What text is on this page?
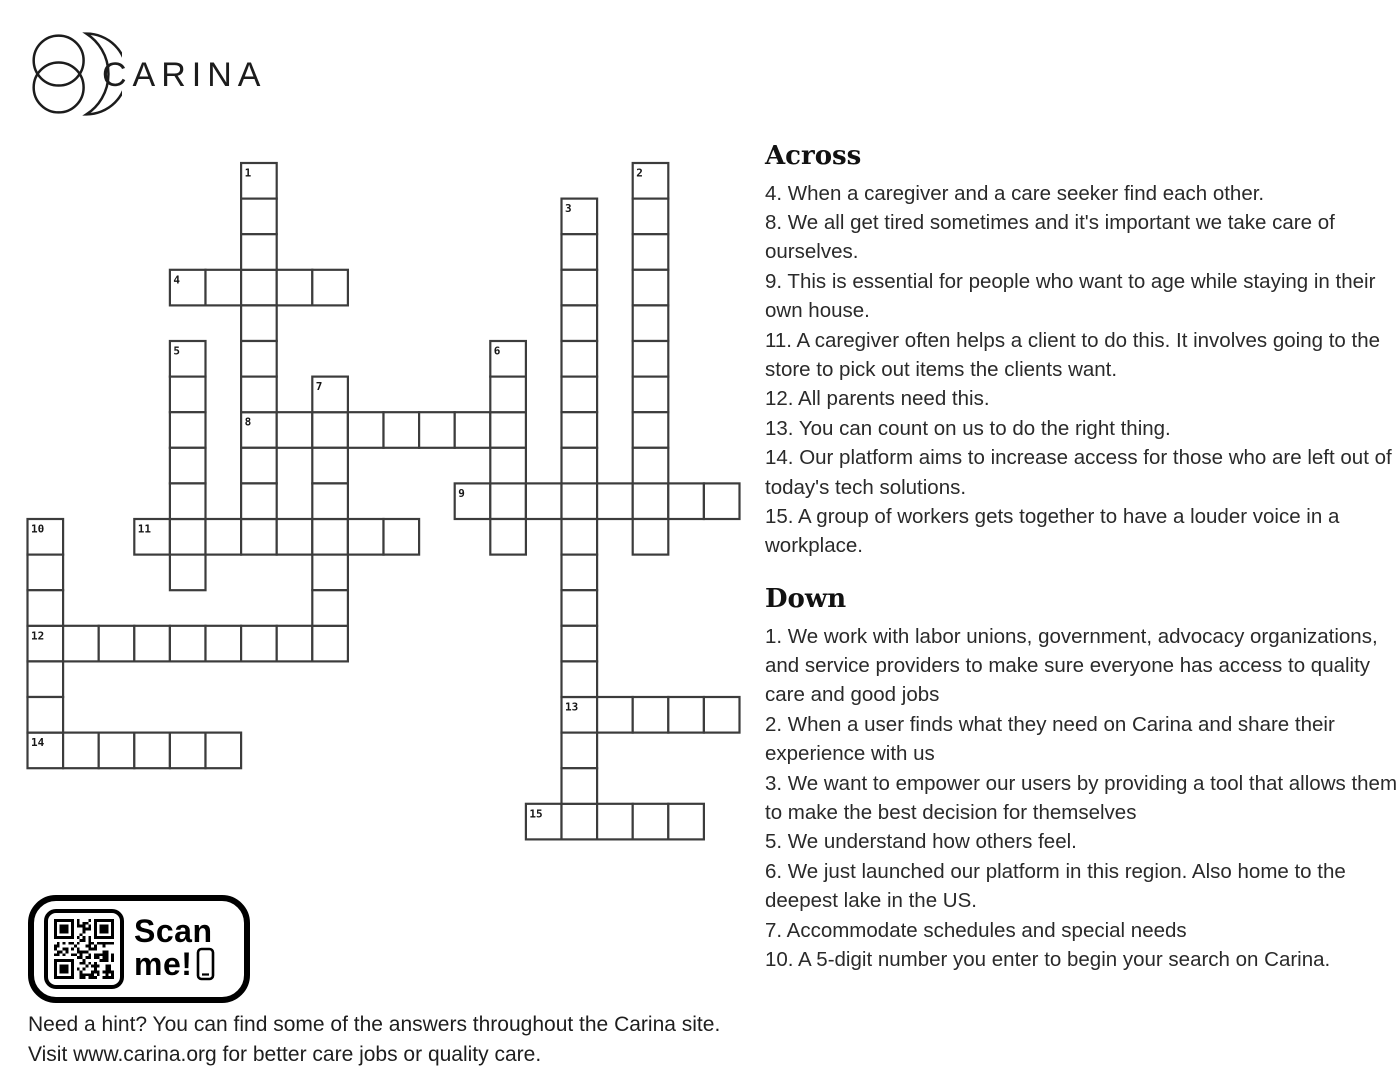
CARINA
4
8
9
11
12
13
14
15
1	2
3
5	6
7
10
Across

4. When a caregiver and a care seeker find each other.

8. We all get tired sometimes and it's important we take care of ourselves.

9. This is essential for people who want to age while staying in their own house.

11. A caregiver often helps a client to do this. It involves going to the store to pick out items the clients want.

12. All parents need this.

13. You can count on us to do the right thing.

14. Our platform aims to increase access for those who are left out of today's tech solutions.

15. A group of workers gets together to have a louder voice in a workplace.

Down

1. We work with labor unions, government, advocacy organizations, and service providers to make sure everyone has access to quality care and good jobs

2. When a user finds what they need on Carina and share their experience with us

3. We want to empower our users by providing a tool that allows them to make the best decision for themselves

5. We understand how others feel.

6. We just launched our platform in this region. Also home to the deepest lake in the US.

7. Accommodate schedules and special needs

10. A 5-digit number you enter to begin your search on Carina.

Scan
me!
Need a hint? You can find some of the answers throughout the Carina site.
Visit www.carina.org for better care jobs or quality care.
